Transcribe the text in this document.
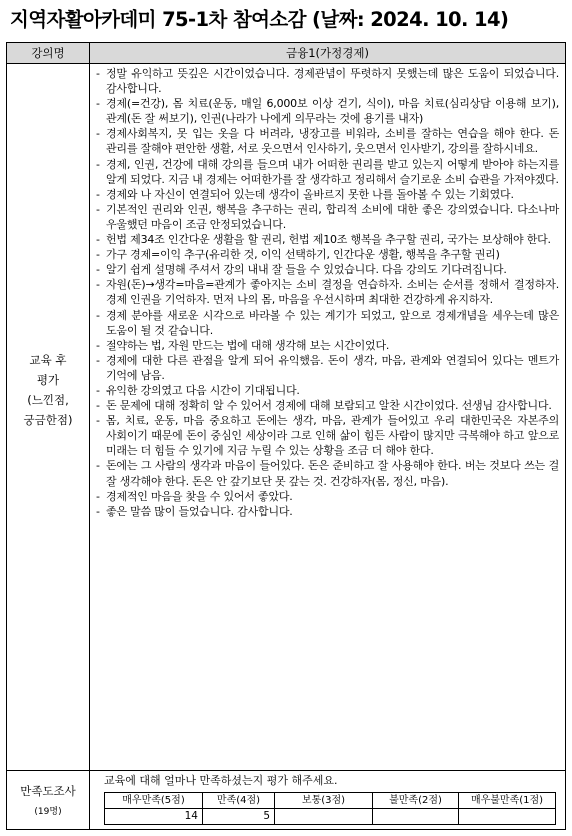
지역자활아카데미 75-1차 참여소감 (날짜: 2024. 10. 14)
강의명	금융1(가정경제)
교육 후
평가
(느낀점,
궁금한점)
- 정말 유익하고 뜻깊은 시간이었습니다. 경제관념이 뚜렷하지 못했는데 많은 도움이 되었습니다. 감사합니다.
- 경제(=건강), 몸 치료(운동, 매일 6,000보 이상 걷기, 식이), 마음 치료(심리상담 이용해 보기), 관계(돈 잘 써보기), 인권(나라가 나에게 의무라는 것에 용기를 내자)
- 경제사회복지, 못 입는 옷을 다 버려라, 냉장고를 비워라, 소비를 잘하는 연습을 해야 한다. 돈 관리를 잘해야 편안한 생활, 서로 웃으면서 인사하기, 웃으면서 인사받기, 강의를 잘하시네요.
- 경제, 인권, 건강에 대해 강의를 들으며 내가 어떠한 권리를 받고 있는지 어떻게 받아야 하는지를 알게 되었다. 지금 내 경제는 어떠한가를 잘 생각하고 정리해서 슬기로운 소비 습관을 가져야겠다.
- 경제와 나 자신이 연결되어 있는데 생각이 올바르지 못한 나를 돌아볼 수 있는 기회였다.
- 기본적인 권리와 인권, 행복을 추구하는 권리, 합리적 소비에 대한 좋은 강의였습니다. 다소나마 우울했던 마음이 조금 안정되었습니다.
- 헌법 제34조 인간다운 생활을 할 권리, 헌법 제10조 행복을 추구할 권리, 국가는 보상해야 한다.
- 가구 경제=이익 추구(유리한 것, 이익 선택하기, 인간다운 생활, 행복을 추구할 권리)
- 알기 쉽게 설명해 주셔서 강의 내내 잘 들을 수 있었습니다. 다음 강의도 기다려집니다.
- 자원(돈)→생각=마음=관계가 좋아지는 소비 결정을 연습하자. 소비는 순서를 정해서 결정하자. 경제 인권을 기억하자. 먼저 나의 몸, 마음을 우선시하며 최대한 건강하게 유지하자.
- 경제 분야를 새로운 시각으로 바라볼 수 있는 계기가 되었고, 앞으로 경제개념을 세우는데 많은 도움이 될 것 같습니다.
- 절약하는 법, 자원 만드는 법에 대해 생각해 보는 시간이었다.
- 경제에 대한 다른 관점을 알게 되어 유익했음. 돈이 생각, 마음, 관계와 연결되어 있다는 멘트가 기억에 남음.
- 유익한 강의였고 다음 시간이 기대됩니다.
- 돈 문제에 대해 정확히 알 수 있어서 경제에 대해 보람되고 알찬 시간이었다. 선생님 감사합니다.
- 몸, 치료, 운동, 마음 중요하고 돈에는 생각, 마음, 관계가 들어있고 우리 대한민국은 자본주의 사회이기 때문에 돈이 중심인 세상이라 그로 인해 삶이 힘든 사람이 많지만 극복해야 하고 앞으로 미래는 더 힘들 수 있기에 지금 누릴 수 있는 상황을 조금 더 해야 한다.
- 돈에는 그 사람의 생각과 마음이 들어있다. 돈은 준비하고 잘 사용해야 한다. 버는 것보다 쓰는 걸 잘 생각해야 한다. 돈은 안 갚기보단 못 갚는 것. 건강하자(몸, 정신, 마음).
- 경제적인 마음을 찾을 수 있어서 좋았다.
- 좋은 말씀 많이 들었습니다. 감사합니다.
만족도조사
(19명)
교육에 대해 얼마나 만족하셨는지 평가 해주세요.
매우만족(5점)	만족(4점)	보통(3점)	불만족(2점)	매우불만족(1점)
14	5			
